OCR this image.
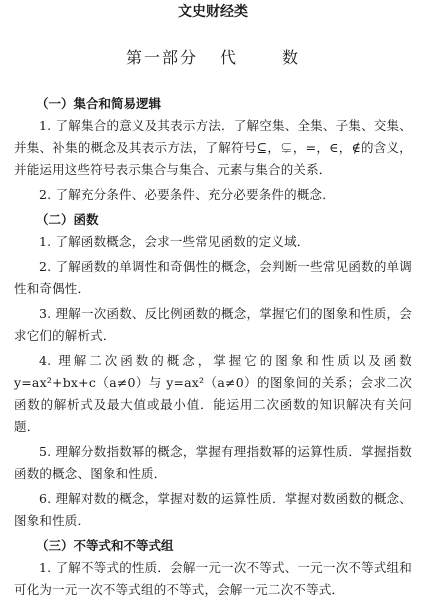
文史财经类
第一部分 代	数
（一）集合和简易逻辑

1. 了解集合的意义及其表示方法．了解空集、全集、子集、交集、并集、补集的概念及其表示方法，了解符号⊆，⊊，=，∈，∉的含义，并能运用这些符号表示集合与集合、元素与集合的关系．

2. 了解充分条件、必要条件、充分必要条件的概念．

（二）函数

1. 了解函数概念，会求一些常见函数的定义域．

2. 了解函数的单调性和奇偶性的概念，会判断一些常见函数的单调性和奇偶性．

3. 理解一次函数、反比例函数的概念，掌握它们的图象和性质，会求它们的解析式．

4. 理解二次函数的概念，掌握它的图象和性质以及函数 y=ax²+bx+c（a≠0）与 y=ax²（a≠0）的图象间的关系；会求二次函数的解析式及最大值或最小值．能运用二次函数的知识解决有关问题．

5. 理解分数指数幂的概念，掌握有理指数幂的运算性质．掌握指数函数的概念、图象和性质．

6. 理解对数的概念，掌握对数的运算性质．掌握对数函数的概念、图象和性质．

（三）不等式和不等式组

1. 了解不等式的性质．会解一元一次不等式、一元一次不等式组和可化为一元一次不等式组的不等式，会解一元二次不等式．
